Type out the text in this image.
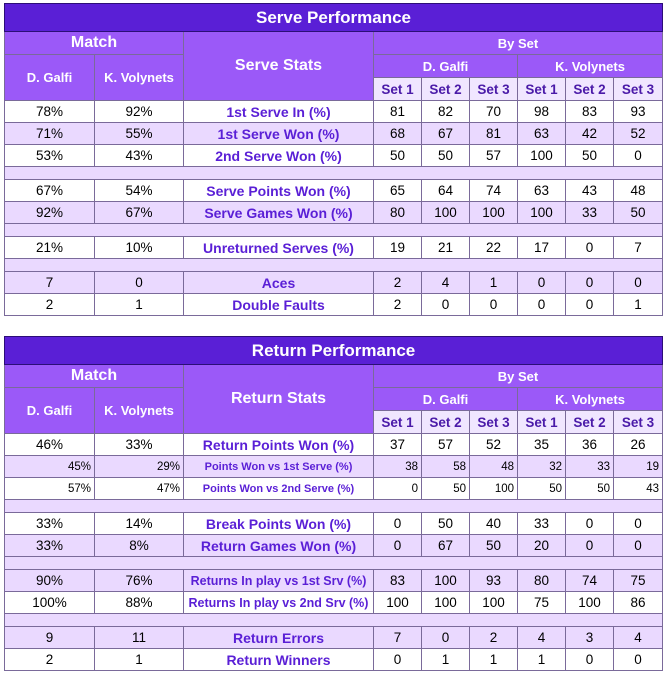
Serve Performance								
Match		Serve Stats	By Set					
D. Galfi	K. Volynets		D. Galfi			K. Volynets		
			Set 1	Set 2	Set 3	Set 1	Set 2	Set 3
78%	92%	1st Serve In (%)	81	82	70	98	83	93
71%	55%	1st Serve Won (%)	68	67	81	63	42	52
53%	43%	2nd Serve Won (%)	50	50	57	100	50	0

67%	54%	Serve Points Won (%)	65	64	74	63	43	48
92%	67%	Serve Games Won (%)	80	100	100	100	33	50

21%	10%	Unreturned Serves (%)	19	21	22	17	0	7

7	0	Aces	2	4	1	0	0	0
2	1	Double Faults	2	0	0	0	0	1
Return Performance								
Match		Return Stats	By Set					
D. Galfi	K. Volynets		D. Galfi			K. Volynets		
			Set 1	Set 2	Set 3	Set 1	Set 2	Set 3
46%	33%	Return Points Won (%)	37	57	52	35	36	26
45%	29%	Points Won vs 1st Serve (%)	38	58	48	32	33	19
57%	47%	Points Won vs 2nd Serve (%)	0	50	100	50	50	43

33%	14%	Break Points Won (%)	0	50	40	33	0	0
33%	8%	Return Games Won (%)	0	67	50	20	0	0

90%	76%	Returns In play vs 1st Srv (%)	83	100	93	80	74	75
100%	88%	Returns In play vs 2nd Srv (%)	100	100	100	75	100	86

9	11	Return Errors	7	0	2	4	3	4
2	1	Return Winners	0	1	1	1	0	0
